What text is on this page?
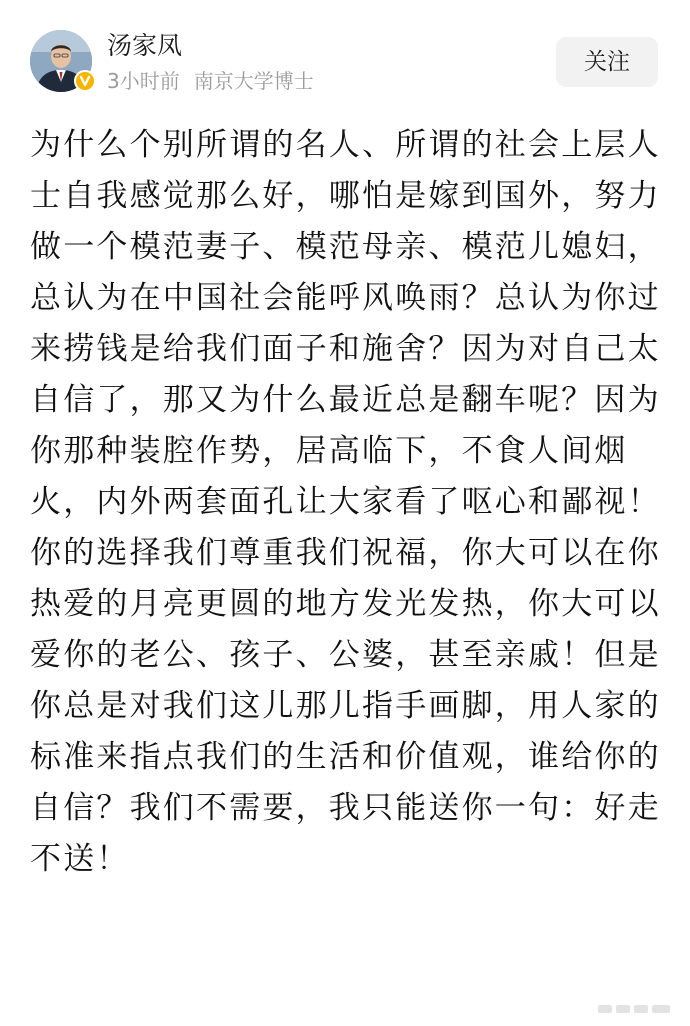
汤家凤
3小时前 南京大学博士
关注

为什么个别所谓的名人、所谓的社会上层人士自我感觉那么好，哪怕是嫁到国外，努力做一个模范妻子、模范母亲、模范儿媳妇，总认为在中国社会能呼风唤雨？总认为你过来捞钱是给我们面子和施舍？因为对自己太自信了，那又为什么最近总是翻车呢？因为你那种装腔作势，居高临下，不食人间烟火，内外两套面孔让大家看了呕心和鄙视！

你的选择我们尊重我们祝福，你大可以在你热爱的月亮更圆的地方发光发热，你大可以爱你的老公、孩子、公婆，甚至亲戚！但是你总是对我们这儿那儿指手画脚，用人家的标准来指点我们的生活和价值观，谁给你的自信？我们不需要，我只能送你一句：好走不送！
